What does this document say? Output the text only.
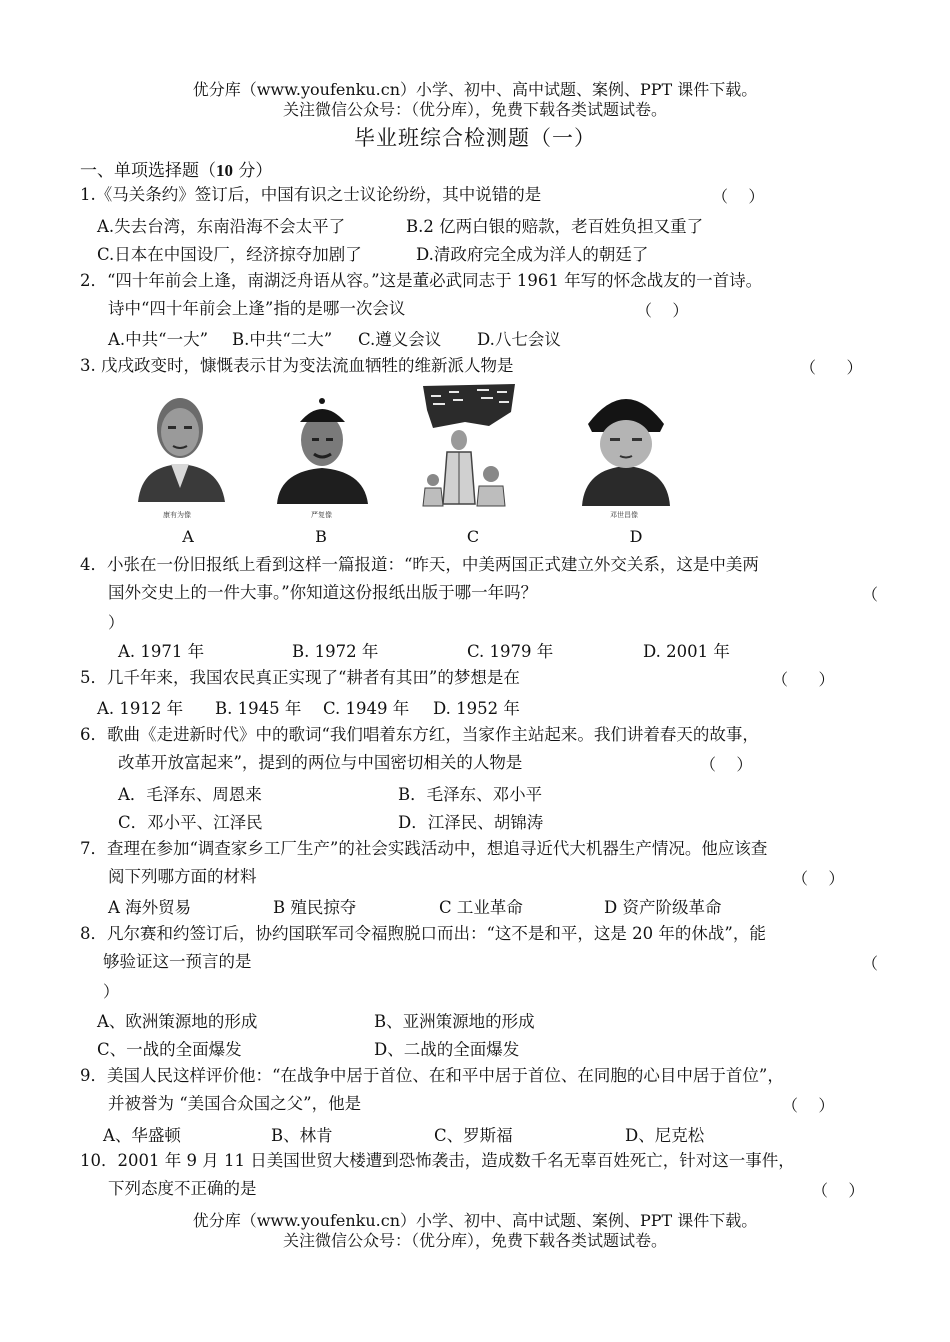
优分库（www.youfenku.cn）小学、初中、高中试题、案例、PPT 课件下载。
关注微信公众号：（优分库），免费下载各类试题试卷。
毕业班综合检测题（一）
一、单项选择题（10 分）
1.《马关条约》签订后，中国有识之士议论纷纷，其中说错的是	（    ）
A.失去台湾，东南沿海不会太平了	B.2 亿两白银的赔款，老百姓负担又重了
C.日本在中国设厂，经济掠夺加剧了	D.清政府完全成为洋人的朝廷了
2．“四十年前会上逢，南湖泛舟语从容。”这是董必武同志于 1961 年写的怀念战友的一首诗。
诗中“四十年前会上逢”指的是哪一次会议	（    ）
A.中共“一大” B.中共“二大” C.遵义会议 D.八七会议
3. 戊戌政变时，慷慨表示甘为变法流血牺牲的维新派人物是	（      ）
康有为像	严复像	邓世昌像
A	B	C	D
4．小张在一份旧报纸上看到这样一篇报道：“昨天，中美两国正式建立外交关系，这是中美两
国外交史上的一件大事。”你知道这份报纸出版于哪一年吗？	（
）
A. 1971 年	B. 1972 年	C. 1979 年	D. 2001 年
5．几千年来，我国农民真正实现了“耕者有其田”的梦想是在	（      ）
A. 1912 年 B. 1945 年 C. 1949 年 D. 1952 年
6．歌曲《走进新时代》中的歌词“我们唱着东方红，当家作主站起来。我们讲着春天的故事，
改革开放富起来”，提到的两位与中国密切相关的人物是	（    ）
A．毛泽东、周恩来	B．毛泽东、邓小平
C．邓小平、江泽民	D．江泽民、胡锦涛
7．查理在参加“调查家乡工厂生产”的社会实践活动中，想追寻近代大机器生产情况。他应该查
阅下列哪方面的材料	（    ）
A 海外贸易	B 殖民掠夺	C 工业革命	D 资产阶级革命
8．凡尔赛和约签订后，协约国联军司令福煦脱口而出：“这不是和平，这是 20 年的休战”，能
够验证这一预言的是	（
）
A、欧洲策源地的形成	B、亚洲策源地的形成
C、一战的全面爆发	D、二战的全面爆发
9．美国人民这样评价他：“在战争中居于首位、在和平中居于首位、在同胞的心目中居于首位”，
并被誉为 “美国合众国之父”，他是	（    ）
A、华盛顿	B、林肯	C、罗斯福	D、尼克松
10．2001 年 9 月 11 日美国世贸大楼遭到恐怖袭击，造成数千名无辜百姓死亡，针对这一事件，
下列态度不正确的是	（    ）
优分库（www.youfenku.cn）小学、初中、高中试题、案例、PPT 课件下载。
关注微信公众号：（优分库），免费下载各类试题试卷。
